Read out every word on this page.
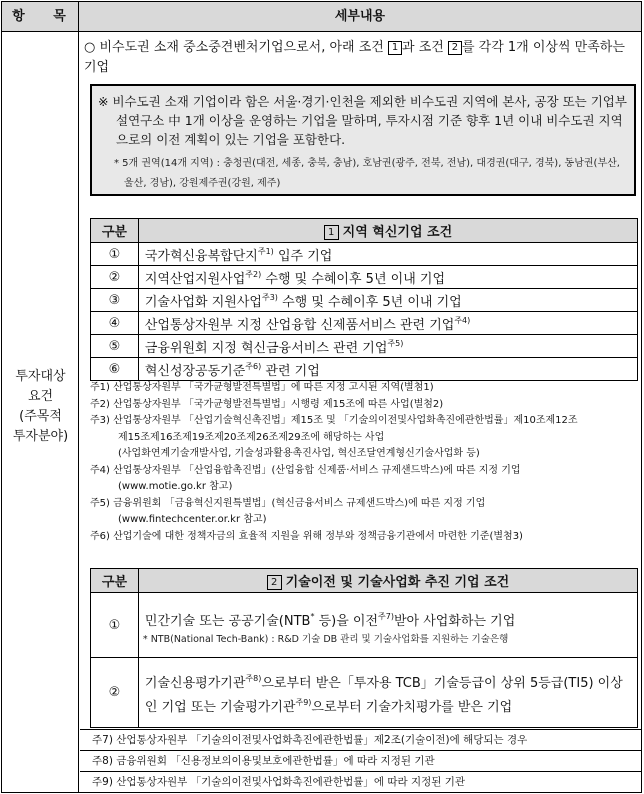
항 목	세부내용
투자대상
요건
(주목적
투자분야)
○ 비수도권 소재 중소중견벤처기업으로서, 아래 조건 1 과 조건 2 를 각각 1개 이상씩 만족하는 기업
※ 비수도권 소재 기업이라 함은 서울·경기·인천을 제외한 비수도권 지역에 본사, 공장 또는 기업부설연구소 中 1개 이상을 운영하는 기업을 말하며, 투자시점 기준 향후 1년 이내 비수도권 지역으로의 이전 계획이 있는 기업을 포함한다.
* 5개 권역(14개 지역) : 충청권(대전, 세종, 충북, 충남), 호남권(광주, 전북, 전남), 대경권(대구, 경북), 동남권(부산, 울산, 경남), 강원제주권(강원, 제주)
구분	1 지역 혁신기업 조건
①	국가혁신융복합단지$^{주1)}$ 입주 기업
②	지역산업지원사업$^{주2)}$ 수행 및 수혜이후 5년 이내 기업
③	기술사업화 지원사업$^{주3)}$ 수행 및 수혜이후 5년 이내 기업
④	산업통상자원부 지정 산업융합 신제품서비스 관련 기업$^{주4)}$
⑤	금융위원회 지정 혁신금융서비스 관련 기업$^{주5)}$
⑥	혁신성장공동기준$^{주6)}$ 관련 기업
주1) 산업통상자원부 「국가균형발전특별법」에 따른 지정 고시된 지역(별첨1)
주2) 산업통상자원부 「국가균형발전특별법」시행령 제15조에 따른 사업(별첨2)
주3) 산업통상자원부 「산업기술혁신촉진법」제15조 및 「기술의이전및사업화촉진에관한법률」제10조제12조
제15조제16조제19조제20조제26조제29조에 해당하는 사업
(사업화연계기술개발사업, 기술성과활용촉진사업, 혁신조달연계형신기술사업화 등)
주4) 산업통상자원부 「산업융합촉진법」(산업융합 신제품·서비스 규제샌드박스)에 따른 지정 기업
(www.motie.go.kr 참고)
주5) 금융위원회 「금융혁신지원특별법」(혁신금융서비스 규제샌드박스)에 따른 지정 기업
(www.fintechcenter.or.kr 참고)
주6) 산업기술에 대한 정책자금의 효율적 지원을 위해 정부와 정책금융기관에서 마련한 기준(별첨3)
구분	2 기술이전 및 기술사업화 추진 기업 조건
①	민간기술 또는 공공기술(NTB* 등)을 이전$^{주7)}$받아 사업화하는 기업
* NTB(National Tech-Bank) : R&D 기술 DB 관리 및 기술사업화를 지원하는 기술은행

②	기술신용평가기관$^{주8)}$으로부터 받은「투자용 TCB」기술등급이 상위 5등급(TI5) 이상인 기업 또는 기술평가기관$^{주9)}$으로부터 기술가치평가를 받은 기업
주7) 산업통상자원부 「기술의이전및사업화촉진에관한법률」제2조(기술이전)에 해당되는 경우
주8) 금융위원회 「신용정보의이용및보호에관한법률」에 따라 지정된 기관
주9) 산업통상자원부 「기술의이전및사업화촉진에관한법률」에 따라 지정된 기관
